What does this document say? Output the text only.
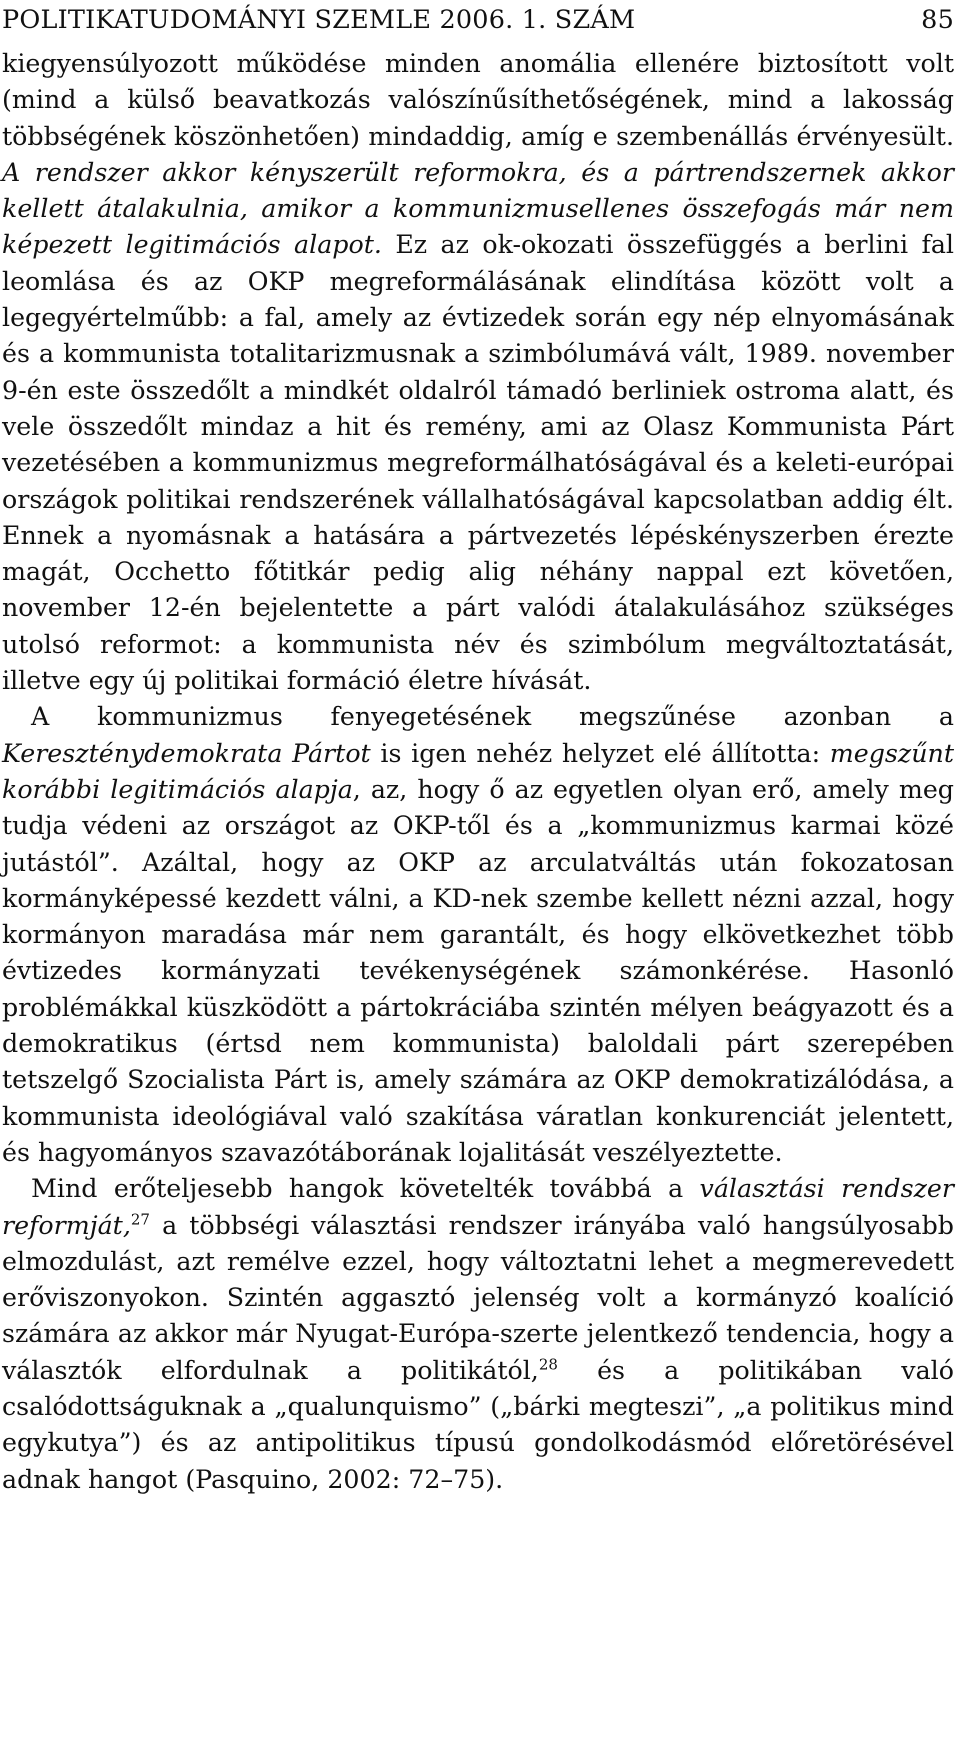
POLITIKATUDOMÁNYI SZEMLE 2006. 1. SZÁM	85

kiegyensúlyozott működése minden anomália ellenére biztosított volt (mind a külső beavatkozás valószínűsíthetőségének, mind a lakosság többségének köszönhetően) mindaddig, amíg e szembenállás érvényesült. A rendszer akkor kényszerült reformokra, és a pártrendszernek akkor kellett átalakulnia, amikor a kommunizmusellenes összefogás már nem képezett legitimációs alapot. Ez az ok-okozati összefüggés a berlini fal leomlása és az OKP megreformálásának elindítása között volt a legegyértelműbb: a fal, amely az évtizedek során egy nép elnyomásának és a kommunista totalitarizmusnak a szimbólumává vált, 1989. november 9-én este összedőlt a mindkét oldalról támadó berliniek ostroma alatt, és vele összedőlt mindaz a hit és remény, ami az Olasz Kommunista Párt vezetésében a kommunizmus megreformálhatóságával és a keleti-európai országok politikai rendszerének vállalhatóságával kapcsolatban addig élt. Ennek a nyomásnak a hatására a pártvezetés lépéskényszerben érezte magát, Occhetto főtitkár pedig alig néhány nappal ezt követően, november 12-én bejelentette a párt valódi átalakulásához szükséges utolsó reformot: a kommunista név és szimbólum megváltoztatását, illetve egy új politikai formáció életre hívását.

A kommunizmus fenyegetésének megszűnése azonban a Kereszténydemokrata Pártot is igen nehéz helyzet elé állította: megszűnt korábbi legitimációs alapja, az, hogy ő az egyetlen olyan erő, amely meg tudja védeni az országot az OKP-től és a „kommunizmus karmai közé jutástól”. Azáltal, hogy az OKP az arculatváltás után fokozatosan kormányképessé kezdett válni, a KD-nek szembe kellett nézni azzal, hogy kormányon maradása már nem garantált, és hogy elkövetkezhet több évtizedes kormányzati tevékenységének számonkérése. Hasonló problémákkal küszködött a pártokráciába szintén mélyen beágyazott és a demokratikus (értsd nem kommunista) baloldali párt szerepében tetszelgő Szocialista Párt is, amely számára az OKP demokratizálódása, a kommunista ideológiával való szakítása váratlan konkurenciát jelentett, és hagyományos szavazótáborának lojalitását veszélyeztette.

Mind erőteljesebb hangok követelték továbbá a választási rendszer reformját,$^{27}$ a többségi választási rendszer irányába való hangsúlyosabb elmozdulást, azt remélve ezzel, hogy változtatni lehet a megmerevedett erőviszonyokon. Szintén aggasztó jelenség volt a kormányzó koalíció számára az akkor már Nyugat-Európa-szerte jelentkező tendencia, hogy a választók elfordulnak a politikától,$^{28}$ és a politikában való csalódottságuknak a „qualunquismo” („bárki megteszi”, „a politikus mind egykutya”) és az antipolitikus típusú gondolkodásmód előretörésével adnak hangot (Pasquino, 2002: 72–75).
